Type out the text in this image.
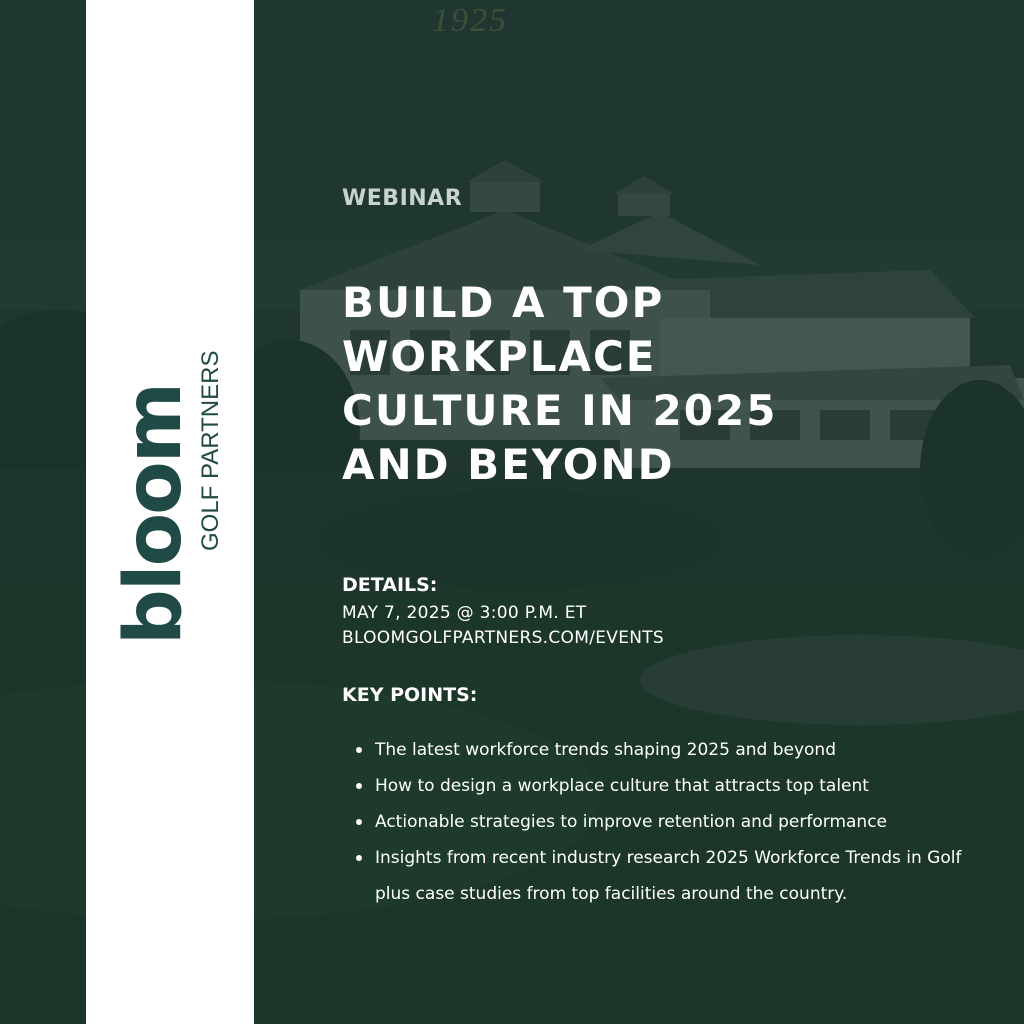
1925
bloom
GOLF PARTNERS
WEBINAR
BUILD A TOP
WORKPLACE
CULTURE IN 2025
AND BEYOND
DETAILS:
MAY 7, 2025 @ 3:00 P.M. ET
BLOOMGOLFPARTNERS.COM/EVENTS
KEY POINTS:
The latest workforce trends shaping 2025 and beyond
How to design a workplace culture that attracts top talent
Actionable strategies to improve retention and performance
Insights from recent industry research 2025 Workforce Trends in Golf plus case studies from top facilities around the country.
